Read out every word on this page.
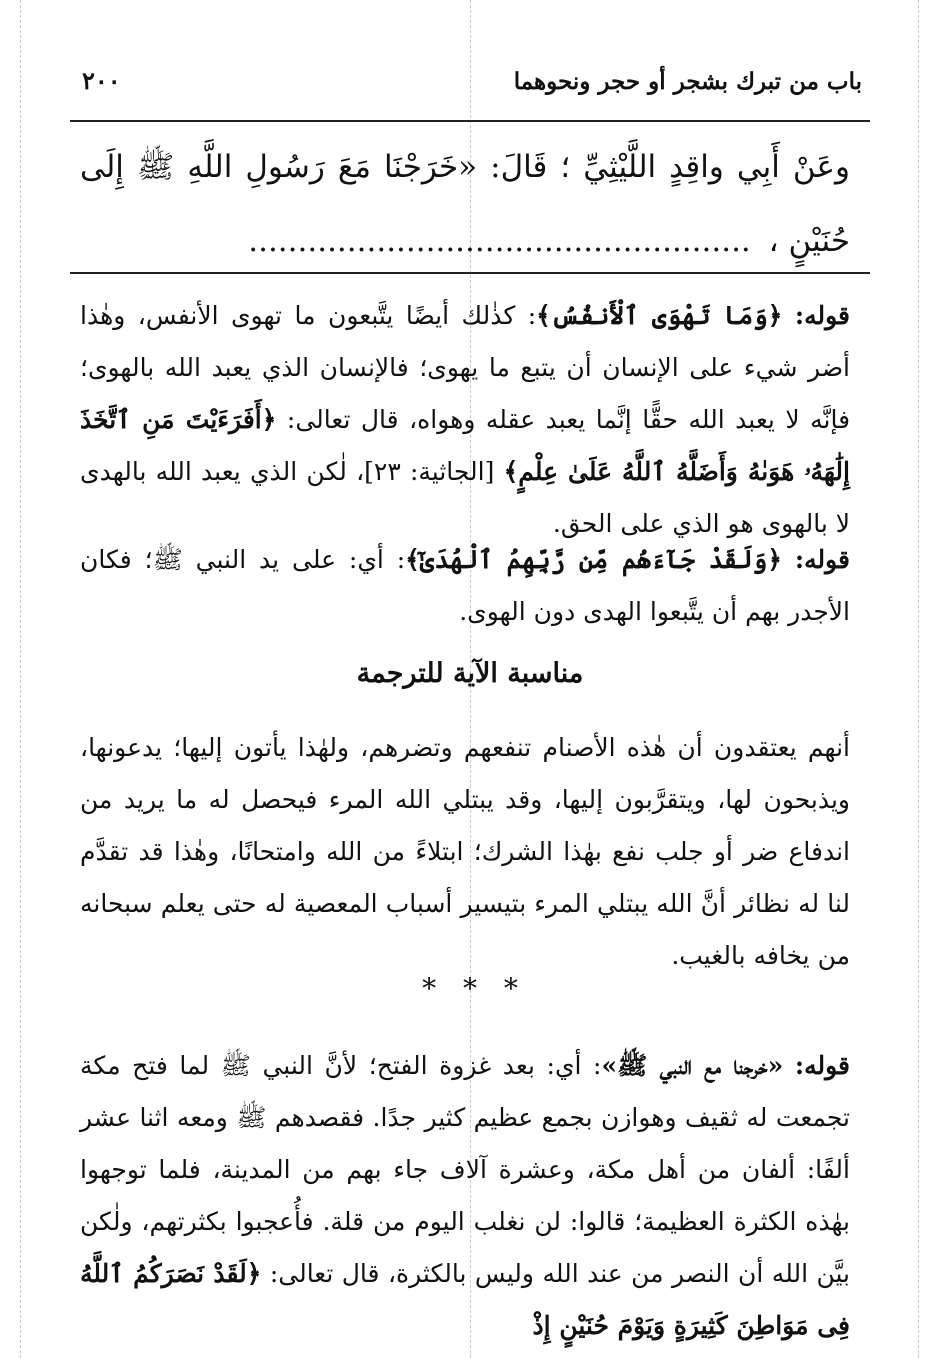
باب من تبرك بشجر أو حجر ونحوهما
٢٠٠
وعَنْ أَبِي واقِدٍ اللَّيْثِيِّ ؛ قَالَ: «خَرَجْنَا مَعَ رَسُولِ اللَّهِ ﷺ إِلَى حُنَيْنٍ ، ...................................................

قوله: ﴿وَمَا تَهْوَى ٱلْأَنفُسُ﴾: كذٰلك أيضًا يتَّبعون ما تهوى الأنفس، وهٰذا أضر شيء على الإنسان أن يتبع ما يهوى؛ فالإنسان الذي يعبد الله بالهوى؛ فإنَّه لا يعبد الله حقًّا إنَّما يعبد عقله وهواه، قال تعالى: ﴿أَفَرَءَيْتَ مَنِ ٱتَّخَذَ إِلَٰهَهُۥ هَوَىٰهُ وَأَضَلَّهُ ٱللَّهُ عَلَىٰ عِلْمٍ﴾ [الجاثية: ٢٣]، لٰكن الذي يعبد الله بالهدى لا بالهوى هو الذي على الحق.

قوله: ﴿وَلَقَدْ جَآءَهُم مِّن رَّبِّهِمُ ٱلْهُدَىٰٓ﴾: أي: على يد النبي ﷺ؛ فكان الأجدر بهم أن يتَّبعوا الهدى دون الهوى.

مناسبة الآية للترجمة

أنهم يعتقدون أن هٰذه الأصنام تنفعهم وتضرهم، ولهٰذا يأتون إليها؛ يدعونها، ويذبحون لها، ويتقرَّبون إليها، وقد يبتلي الله المرء فيحصل له ما يريد من اندفاع ضر أو جلب نفع بهٰذا الشرك؛ ابتلاءً من الله وامتحانًا، وهٰذا قد تقدَّم لنا له نظائر أنَّ الله يبتلي المرء بتيسير أسباب المعصية له حتى يعلم سبحانه من يخافه بالغيب.

* * *

قوله: «خرجنا مع النبي ﷺ»: أي: بعد غزوة الفتح؛ لأنَّ النبي ﷺ لما فتح مكة تجمعت له ثقيف وهوازن بجمع عظيم كثير جدًا. فقصدهم ﷺ ومعه اثنا عشر ألفًا: ألفان من أهل مكة، وعشرة آلاف جاء بهم من المدينة، فلما توجهوا بهٰذه الكثرة العظيمة؛ قالوا: لن نغلب اليوم من قلة. فأُعجبوا بكثرتهم، ولٰكن بيَّن الله أن النصر من عند الله وليس بالكثرة، قال تعالى: ﴿لَقَدْ نَصَرَكُمُ ٱللَّهُ فِى مَوَاطِنَ كَثِيرَةٍ وَيَوْمَ حُنَيْنٍ إِذْ
